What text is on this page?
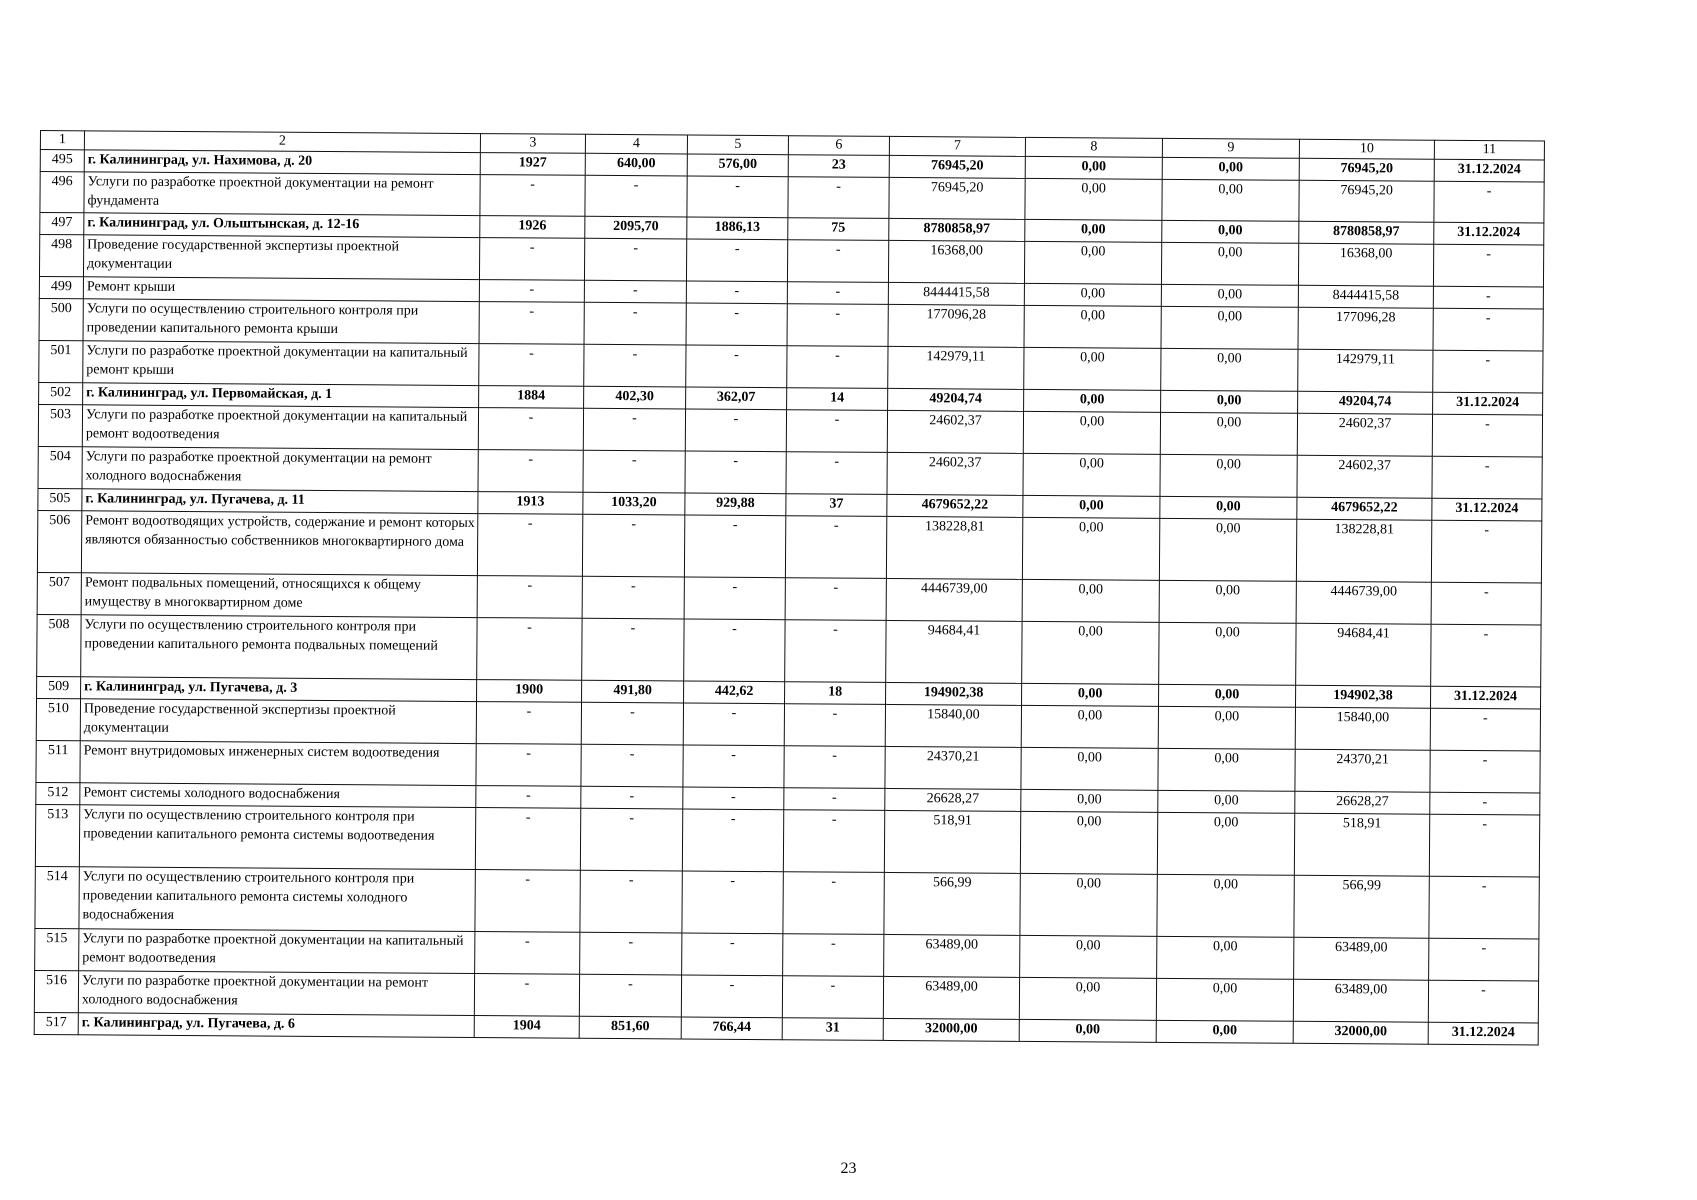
1	2	3	4	5	6	7	8	9	10	11
495	г. Калининград, ул. Нахимова, д. 20	1927	640,00	576,00	23	76945,20	0,00	0,00	76945,20	31.12.2024
496	Услуги по разработке проектной документации на ремонт фундамента	-	-	-	-	76945,20	0,00	0,00	76945,20	-
497	г. Калининград, ул. Ольштынская, д. 12-16	1926	2095,70	1886,13	75	8780858,97	0,00	0,00	8780858,97	31.12.2024
498	Проведение государственной экспертизы проектной документации	-	-	-	-	16368,00	0,00	0,00	16368,00	-
499	Ремонт крыши	-	-	-	-	8444415,58	0,00	0,00	8444415,58	-
500	Услуги по осуществлению строительного контроля при проведении капитального ремонта крыши	-	-	-	-	177096,28	0,00	0,00	177096,28	-
501	Услуги по разработке проектной документации на капитальный ремонт крыши	-	-	-	-	142979,11	0,00	0,00	142979,11	-
502	г. Калининград, ул. Первомайская, д. 1	1884	402,30	362,07	14	49204,74	0,00	0,00	49204,74	31.12.2024
503	Услуги по разработке проектной документации на капитальный ремонт водоотведения	-	-	-	-	24602,37	0,00	0,00	24602,37	-
504	Услуги по разработке проектной документации на ремонт холодного водоснабжения	-	-	-	-	24602,37	0,00	0,00	24602,37	-
505	г. Калининград, ул. Пугачева, д. 11	1913	1033,20	929,88	37	4679652,22	0,00	0,00	4679652,22	31.12.2024
506	Ремонт водоотводящих устройств, содержание и ремонт которых являются обязанностью собственников многоквартирного дома	-	-	-	-	138228,81	0,00	0,00	138228,81	-
507	Ремонт подвальных помещений, относящихся к общему имуществу в многоквартирном доме	-	-	-	-	4446739,00	0,00	0,00	4446739,00	-
508	Услуги по осуществлению строительного контроля при проведении капитального ремонта подвальных помещений	-	-	-	-	94684,41	0,00	0,00	94684,41	-
509	г. Калининград, ул. Пугачева, д. 3	1900	491,80	442,62	18	194902,38	0,00	0,00	194902,38	31.12.2024
510	Проведение государственной экспертизы проектной документации	-	-	-	-	15840,00	0,00	0,00	15840,00	-
511	Ремонт внутридомовых инженерных систем водоотведения	-	-	-	-	24370,21	0,00	0,00	24370,21	-
512	Ремонт системы холодного водоснабжения	-	-	-	-	26628,27	0,00	0,00	26628,27	-
513	Услуги по осуществлению строительного контроля при проведении капитального ремонта системы водоотведения	-	-	-	-	518,91	0,00	0,00	518,91	-
514	Услуги по осуществлению строительного контроля при проведении капитального ремонта системы холодного водоснабжения	-	-	-	-	566,99	0,00	0,00	566,99	-
515	Услуги по разработке проектной документации на капитальный ремонт водоотведения	-	-	-	-	63489,00	0,00	0,00	63489,00	-
516	Услуги по разработке проектной документации на ремонт холодного водоснабжения	-	-	-	-	63489,00	0,00	0,00	63489,00	-
517	г. Калининград, ул. Пугачева, д. 6	1904	851,60	766,44	31	32000,00	0,00	0,00	32000,00	31.12.2024
23
